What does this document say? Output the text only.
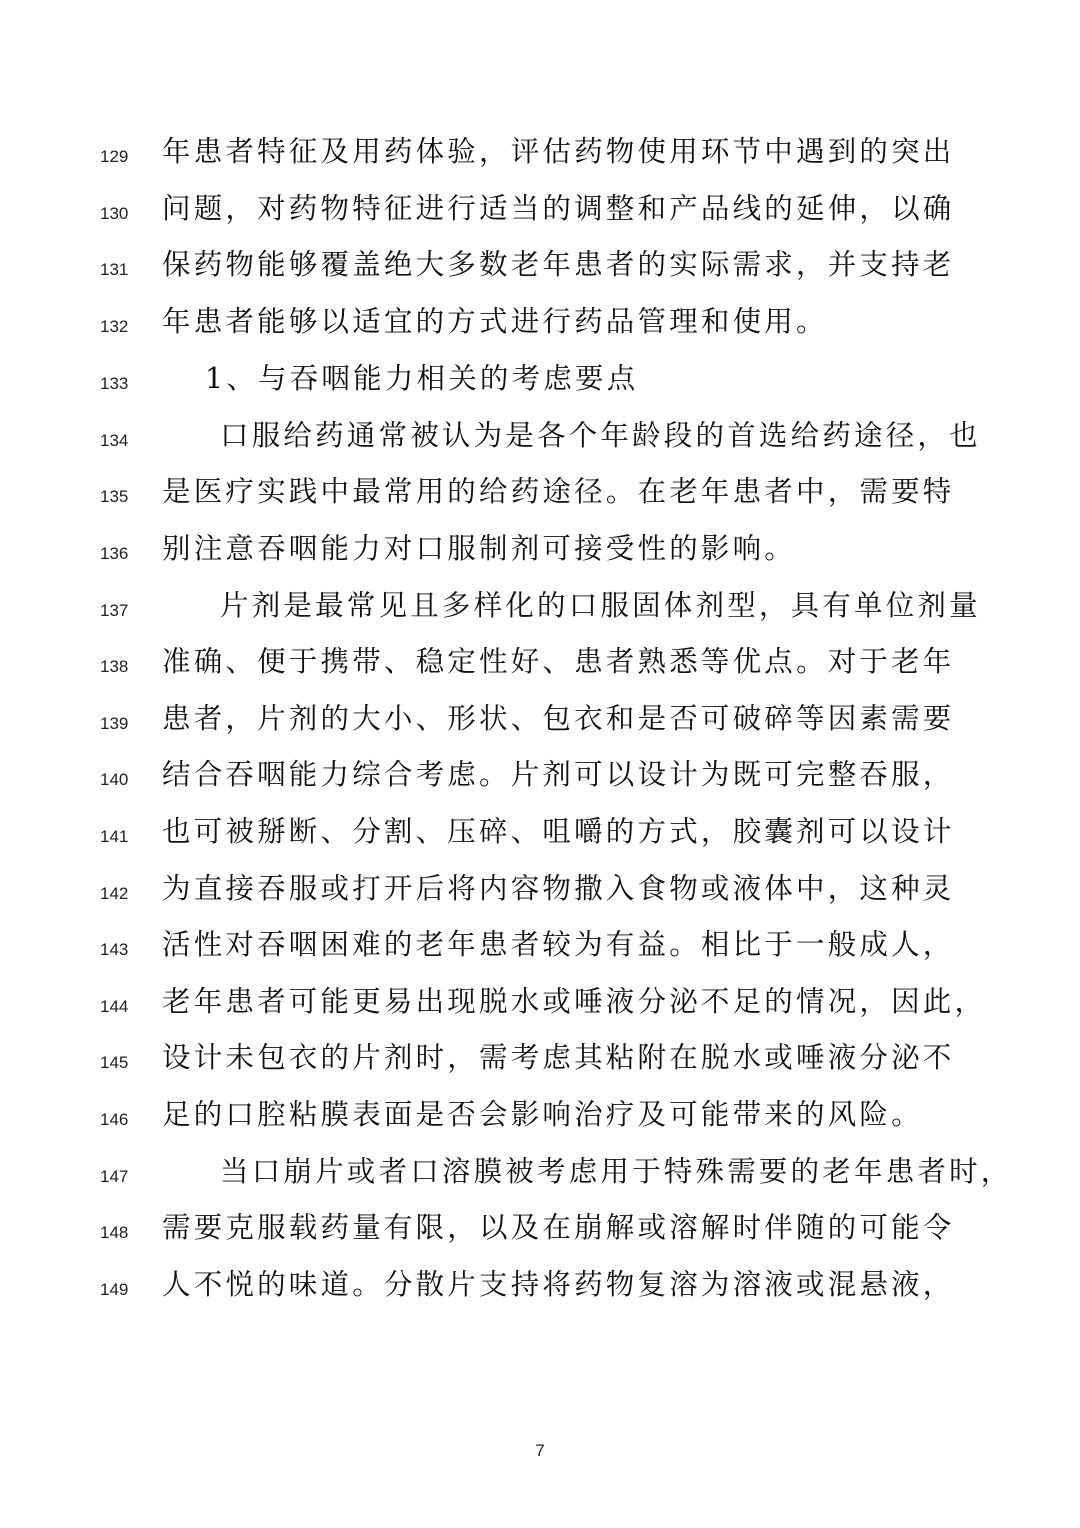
129	年患者特征及用药体验，评估药物使用环节中遇到的突出
130	问题，对药物特征进行适当的调整和产品线的延伸，以确
131	保药物能够覆盖绝大多数老年患者的实际需求，并支持老
132	年患者能够以适宜的方式进行药品管理和使用。
133	1、与吞咽能力相关的考虑要点
134	口服给药通常被认为是各个年龄段的首选给药途径，也
135	是医疗实践中最常用的给药途径。在老年患者中，需要特
136	别注意吞咽能力对口服制剂可接受性的影响。
137	片剂是最常见且多样化的口服固体剂型，具有单位剂量
138	准确、便于携带、稳定性好、患者熟悉等优点。对于老年
139	患者，片剂的大小、形状、包衣和是否可破碎等因素需要
140	结合吞咽能力综合考虑。片剂可以设计为既可完整吞服，
141	也可被掰断、分割、压碎、咀嚼的方式，胶囊剂可以设计
142	为直接吞服或打开后将内容物撒入食物或液体中，这种灵
143	活性对吞咽困难的老年患者较为有益。相比于一般成人，
144	老年患者可能更易出现脱水或唾液分泌不足的情况，因此，
145	设计未包衣的片剂时，需考虑其粘附在脱水或唾液分泌不
146	足的口腔粘膜表面是否会影响治疗及可能带来的风险。
147	当口崩片或者口溶膜被考虑用于特殊需要的老年患者时，
148	需要克服载药量有限，以及在崩解或溶解时伴随的可能令
149	人不悦的味道。分散片支持将药物复溶为溶液或混悬液，
7
